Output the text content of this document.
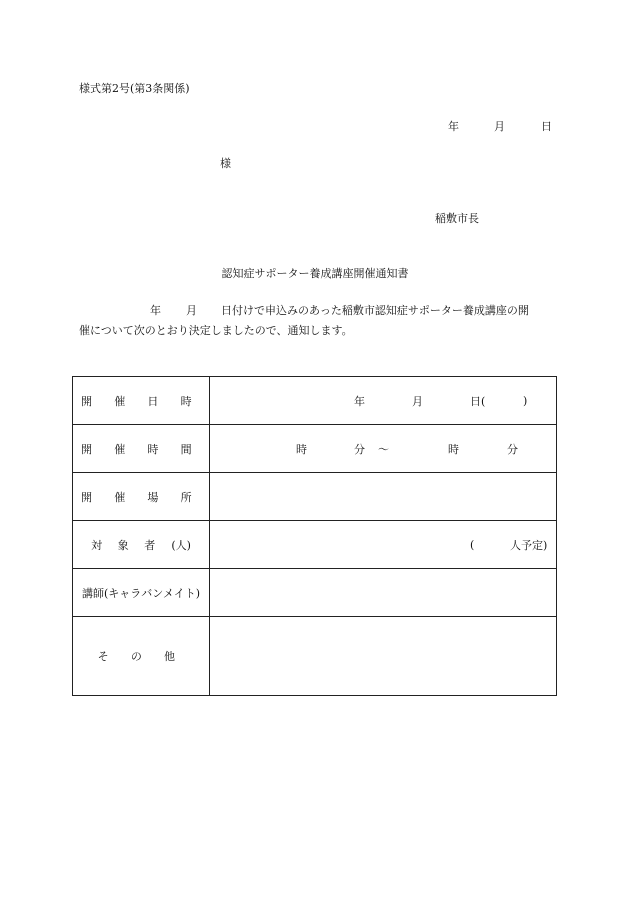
様式第2号(第3条関係)
年	月	日
様
稲敷市長
認知症サポーター養成講座開催通知書
年 月 日付けで申込みのあった稲敷市認知症サポーター養成講座の開
催について次のとおり決定しましたので、通知します。
開 催 日 時	年 月 日( )

開 催 時 間	時 分 ～ 時 分

開 催 場 所	
対 象 者 (人)	( 人予定)

講師(キャラバンメイト)	
そ の 他	
